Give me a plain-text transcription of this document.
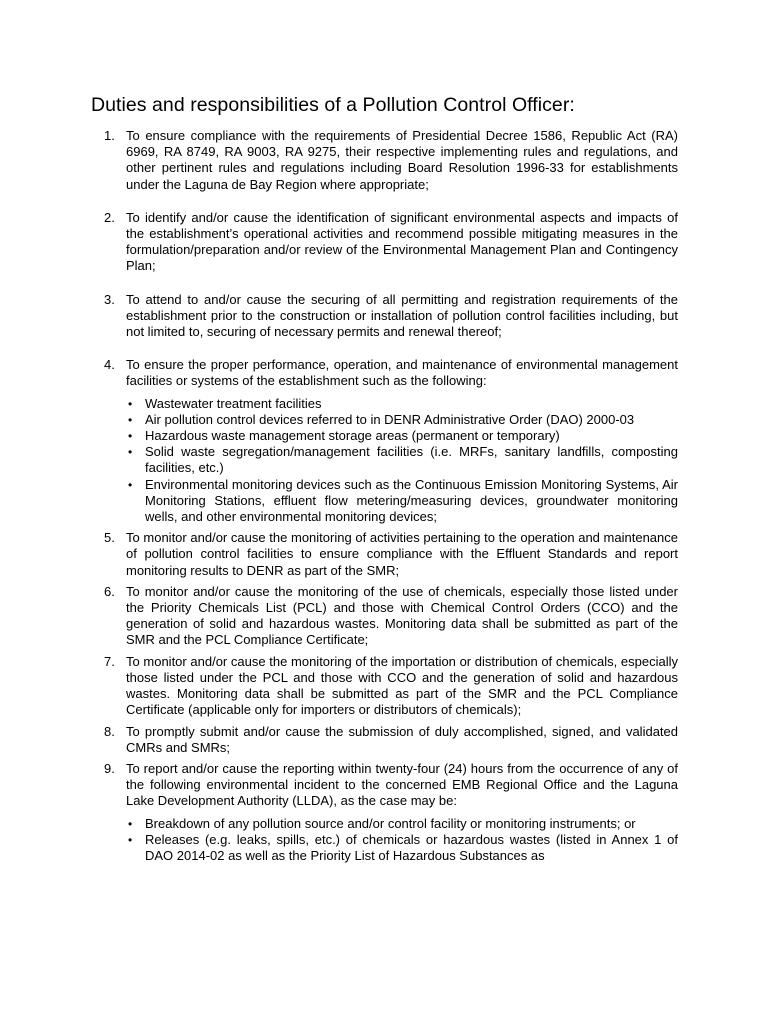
Duties and responsibilities of a Pollution Control Officer:
1. To ensure compliance with the requirements of Presidential Decree 1586, Republic Act (RA) 6969, RA 8749, RA 9003, RA 9275, their respective implementing rules and regulations, and other pertinent rules and regulations including Board Resolution 1996-33 for establishments under the Laguna de Bay Region where appropriate;
2. To identify and/or cause the identification of significant environmental aspects and impacts of the establishment’s operational activities and recommend possible mitigating measures in the formulation/preparation and/or review of the Environmental Management Plan and Contingency Plan;
3. To attend to and/or cause the securing of all permitting and registration requirements of the establishment prior to the construction or installation of pollution control facilities including, but not limited to, securing of necessary permits and renewal thereof;
4. To ensure the proper performance, operation, and maintenance of environmental management facilities or systems of the establishment such as the following:
• Wastewater treatment facilities
• Air pollution control devices referred to in DENR Administrative Order (DAO) 2000-03
• Hazardous waste management storage areas (permanent or temporary)
• Solid waste segregation/management facilities (i.e. MRFs, sanitary landfills, composting facilities, etc.)
• Environmental monitoring devices such as the Continuous Emission Monitoring Systems, Air Monitoring Stations, effluent flow metering/measuring devices, groundwater monitoring wells, and other environmental monitoring devices;
5. To monitor and/or cause the monitoring of activities pertaining to the operation and maintenance of pollution control facilities to ensure compliance with the Effluent Standards and report monitoring results to DENR as part of the SMR;
6. To monitor and/or cause the monitoring of the use of chemicals, especially those listed under the Priority Chemicals List (PCL) and those with Chemical Control Orders (CCO) and the generation of solid and hazardous wastes. Monitoring data shall be submitted as part of the SMR and the PCL Compliance Certificate;
7. To monitor and/or cause the monitoring of the importation or distribution of chemicals, especially those listed under the PCL and those with CCO and the generation of solid and hazardous wastes. Monitoring data shall be submitted as part of the SMR and the PCL Compliance Certificate (applicable only for importers or distributors of chemicals);
8. To promptly submit and/or cause the submission of duly accomplished, signed, and validated CMRs and SMRs;
9. To report and/or cause the reporting within twenty-four (24) hours from the occurrence of any of the following environmental incident to the concerned EMB Regional Office and the Laguna Lake Development Authority (LLDA), as the case may be:
• Breakdown of any pollution source and/or control facility or monitoring instruments; or
• Releases (e.g. leaks, spills, etc.) of chemicals or hazardous wastes (listed in Annex 1 of DAO 2014-02 as well as the Priority List of Hazardous Substances as
